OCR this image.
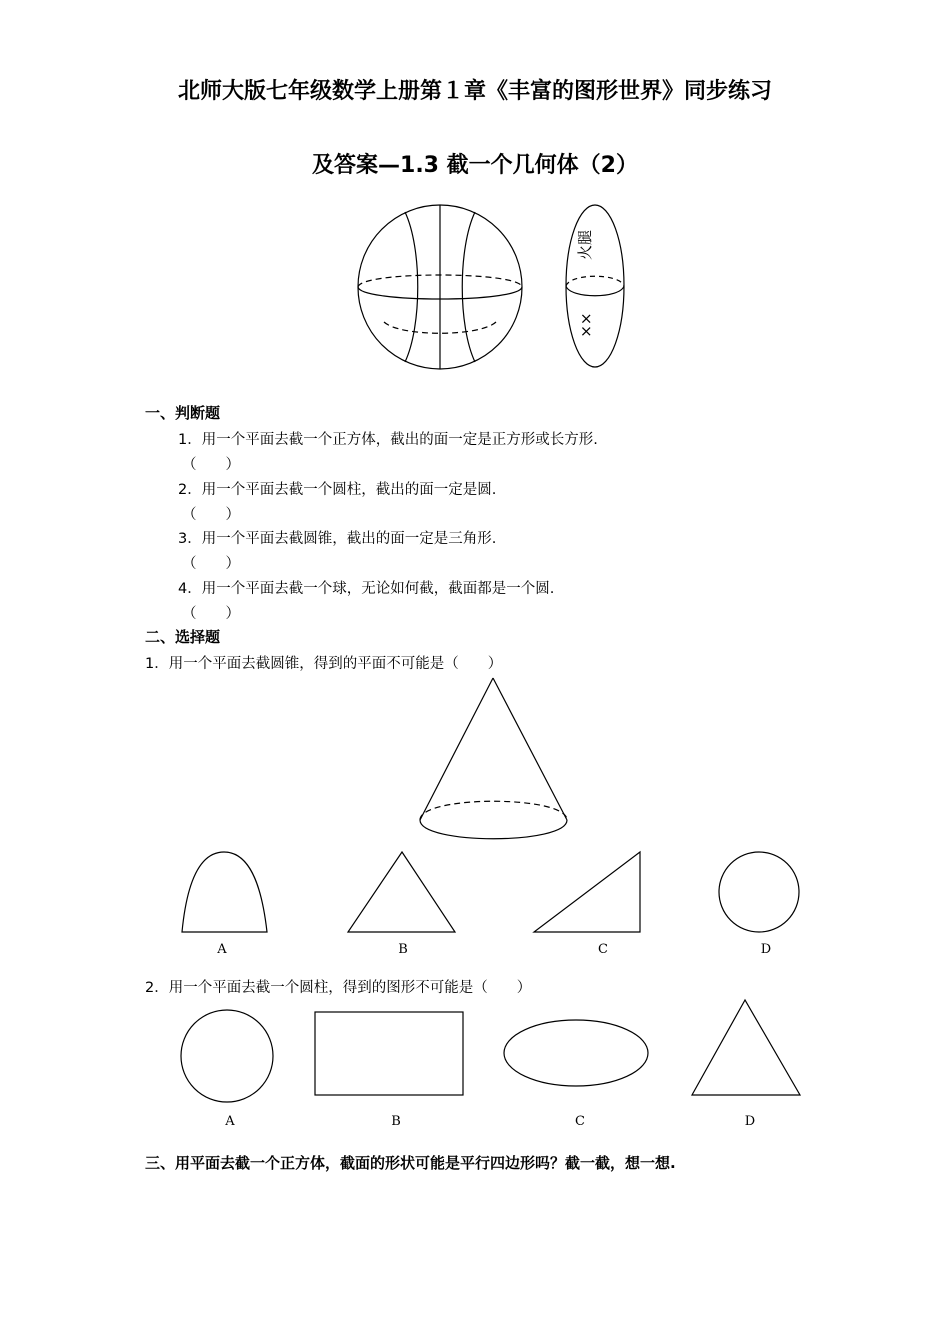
北师大版七年级数学上册第１章《丰富的图形世界》同步练习
及答案—1.3 截一个几何体（2）
火腿
××
一、判断题
1．用一个平面去截一个正方体，截出的面一定是正方形或长方形.
（　　）
2．用一个平面去截一个圆柱，截出的面一定是圆.
（　　）
3．用一个平面去截圆锥，截出的面一定是三角形.
（　　）
4．用一个平面去截一个球，无论如何截，截面都是一个圆.
（　　）
二、选择题
1．用一个平面去截圆锥，得到的平面不可能是（　　）
A	B	C	D
2．用一个平面去截一个圆柱，得到的图形不可能是（　　）
A	B	C	D
三、用平面去截一个正方体，截面的形状可能是平行四边形吗？截一截，想一想.
